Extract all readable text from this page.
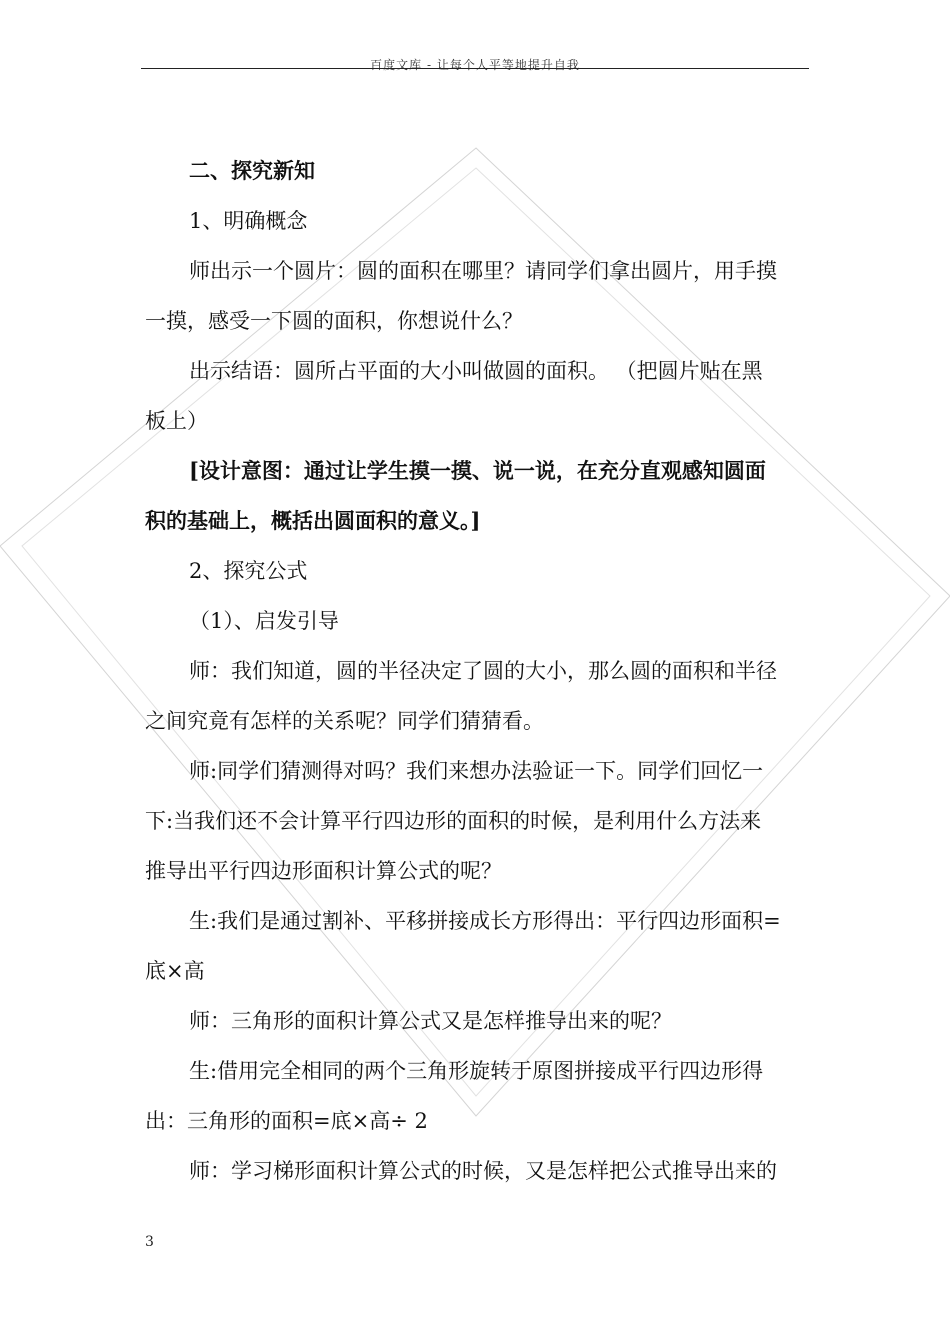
百度文库 - 让每个人平等地提升自我
二、探究新知
1、明确概念
师出示一个圆片：圆的面积在哪里？请同学们拿出圆片，用手摸
一摸，感受一下圆的面积，你想说什么？
出示结语：圆所占平面的大小叫做圆的面积。 （把圆片贴在黑
板上）
[设计意图：通过让学生摸一摸、说一说，在充分直观感知圆面
积的基础上，概括出圆面积的意义。]
2、探究公式
（1）、启发引导
师：我们知道，圆的半径决定了圆的大小，那么圆的面积和半径
之间究竟有怎样的关系呢？同学们猜猜看。
师:同学们猜测得对吗？我们来想办法验证一下。同学们回忆一
下:当我们还不会计算平行四边形的面积的时候，是利用什么方法来
推导出平行四边形面积计算公式的呢？
生:我们是通过割补、平移拼接成长方形得出：平行四边形面积=
底×高
师：三角形的面积计算公式又是怎样推导出来的呢？
生:借用完全相同的两个三角形旋转于原图拼接成平行四边形得
出：三角形的面积=底×高÷ 2
师：学习梯形面积计算公式的时候，又是怎样把公式推导出来的
3
